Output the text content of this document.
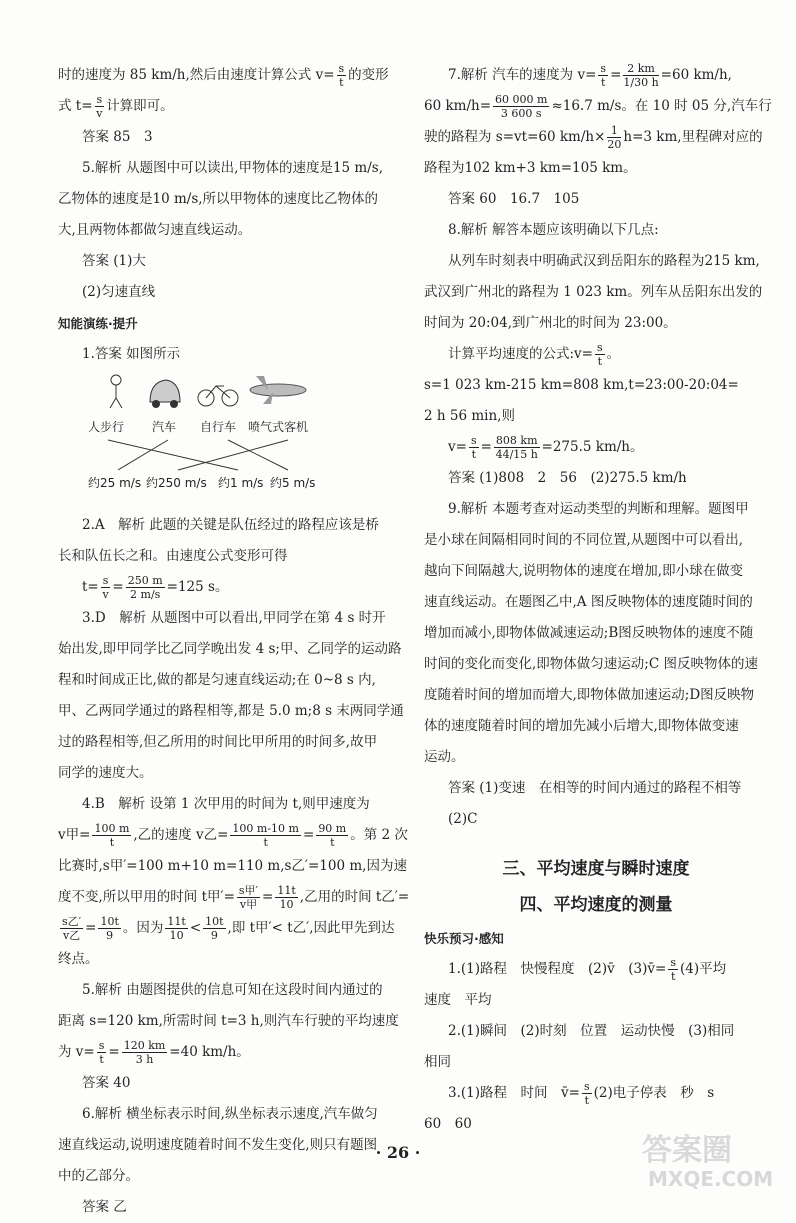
时的速度为 85 km/h,然后由速度计算公式 $v= \frac{s}{t}$ 的变形
式 $t= \frac{s}{v}$ 计算即可。
答案 85　3
5.解析 从题图中可以读出,甲物体的速度是15 m/s,
乙物体的速度是10 m/s,所以甲物体的速度比乙物体的
大,且两物体都做匀速直线运动。
答案 (1)大
(2)匀速直线
知能演练·提升
1.答案 如图所示
人步行 汽车 自行车 喷气式客机
约25 m/s 约250 m/s 约1 m/s 约5 m/s
2.A　解析 此题的关键是队伍经过的路程应该是桥
长和队伍长之和。由速度公式变形可得
$t= \frac{s}{v} = \frac{250 m}{2 m/s} =125$ s。
3.D　解析 从题图中可以看出,甲同学在第 4 s 时开
始出发,即甲同学比乙同学晚出发 4 s;甲、乙同学的运动路
程和时间成正比,做的都是匀速直线运动;在 0~8 s 内,
甲、乙两同学通过的路程相等,都是 5.0 m;8 s 末两同学通
过的路程相等,但乙所用的时间比甲所用的时间多,故甲
同学的速度大。
4.B　解析 设第 1 次甲用的时间为 t,则甲速度为
v甲= $\frac{100 m}{t}$ ,乙的速度 v乙= $\frac{100 m-10 m}{t} = \frac{90 m}{t}$ 。第 2 次
比赛时,s甲′=100 m+10 m=110 m,s乙′=100 m,因为速
度不变,所以甲用的时间 t甲′= $\frac{\text{s甲′}}{\text{v甲}} = \frac{11t}{10}$ ,乙用的时间 t乙′=
$\frac{\text{s乙′}}{\text{v乙}} = \frac{10t}{9}$ 。因为 $\frac{11t}{10} < \frac{10t}{9}$ ,即 t甲′< t乙′,因此甲先到达
终点。
5.解析 由题图提供的信息可知在这段时间内通过的
距离 s=120 km,所需时间 t=3 h,则汽车行驶的平均速度
为 $v= \frac{s}{t} = \frac{120 km}{3 h} =40$ km/h。
答案 40
6.解析 横坐标表示时间,纵坐标表示速度,汽车做匀
速直线运动,说明速度随着时间不发生变化,则只有题图
中的乙部分。
答案 乙
7.解析 汽车的速度为 $v= \frac{s}{t} = \frac{2 km}{1/30 h} =60$ km/h,
60 $km/h= \frac{60 000 m}{3 600 s} \approx 16.7$ m/s。在 10 时 05 分,汽车行
驶的路程为 s=vt=60 $km/h\times \frac{1}{20} h=3$ km,里程碑对应的
路程为102 km+3 km=105 km。
答案 60　16.7　105
8.解析 解答本题应该明确以下几点:
从列车时刻表中明确武汉到岳阳东的路程为215 km,
武汉到广州北的路程为 1 023 km。列车从岳阳东出发的
时间为 20:04,到广州北的时间为 23:00。
计算平均速度的公式:v= $\frac{s}{t}$ 。
s=1 023 km-215 km=808 km,t=23:00-20:04=
2 h 56 min,则
$v= \frac{s}{t} = \frac{808 km}{44/15 h} =275.5$ km/h。
答案 (1)808　2　56　(2)275.5 km/h
9.解析 本题考查对运动类型的判断和理解。题图甲
是小球在间隔相同时间的不同位置,从题图中可以看出,
越向下间隔越大,说明物体的速度在增加,即小球在做变
速直线运动。在题图乙中,A 图反映物体的速度随时间的
增加而减小,即物体做减速运动;B图反映物体的速度不随
时间的变化而变化,即物体做匀速运动;C 图反映物体的速
度随着时间的增加而增大,即物体做加速运动;D图反映物
体的速度随着时间的增加先减小后增大,即物体做变速
运动。
答案 (1)变速　在相等的时间内通过的路程不相等
(2)C
三、平均速度与瞬时速度
四、平均速度的测量
快乐预习·感知
1.(1)路程　快慢程度　(2)v̄　(3)v̄= $\frac{s}{t} (4)$平均
速度　平均
2.(1)瞬间　(2)时刻　位置　运动快慢　(3)相同
相同
3.(1)路程　时间　v̄= $\frac{s}{t} (2)$电子停表　秒　s
60　60
· 26 ·	答案圈
MXQE.COM
